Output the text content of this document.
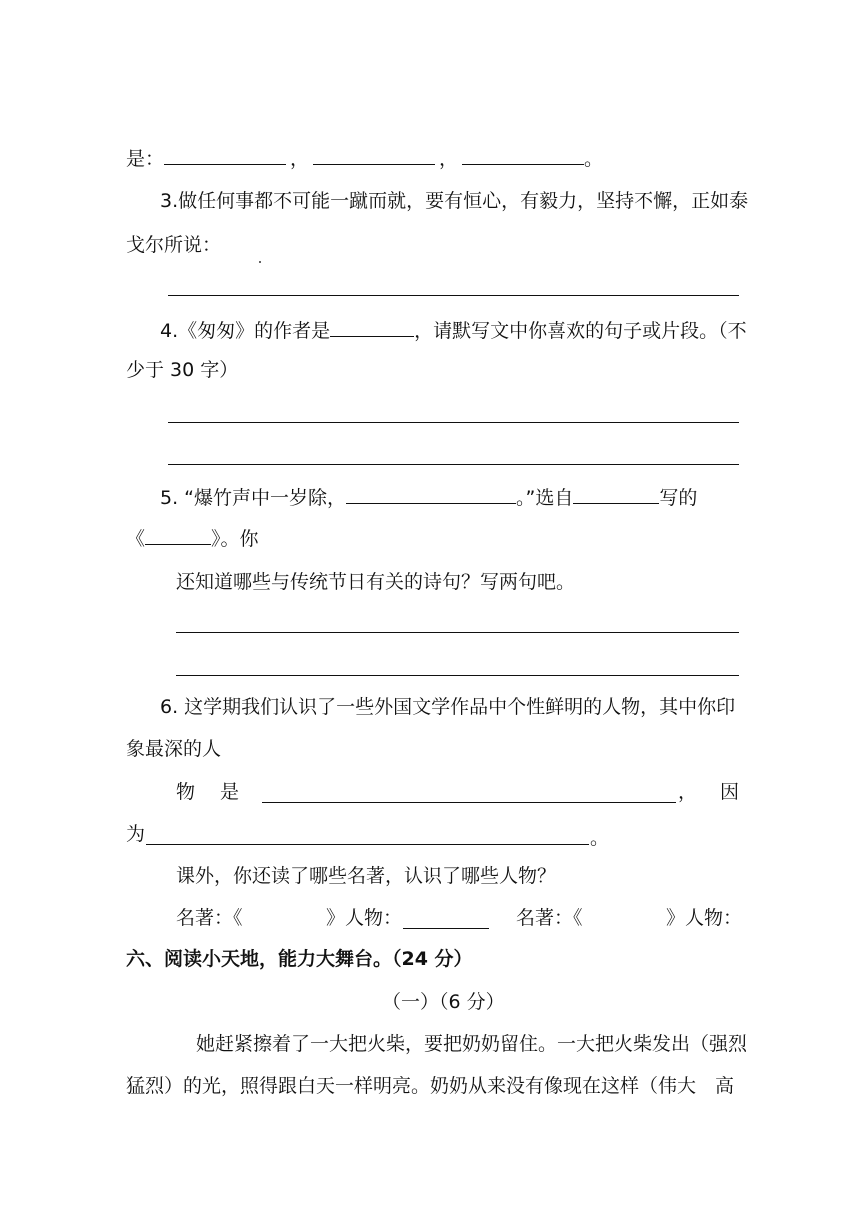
是：	，	，	。
3.做任何事都不可能一蹴而就，要有恒心，有毅力，坚持不懈，正如泰
戈尔所说：
4.《匆匆》的作者是	，请默写文中你喜欢的句子或片段。（不
少于 30 字）
5. “爆竹声中一岁除，	。”选自	写的
《	》。你
还知道哪些与传统节日有关的诗句？写两句吧。
6. 这学期我们认识了一些外国文学作品中个性鲜明的人物，其中你印
象最深的人
物 是	， 因
为	。
课外，你还读了哪些名著，认识了哪些人物？
名著：《	》人物：	名著：《	》人物：
六、阅读小天地，能力大舞台。（24 分）
（一）（6 分）
她赶紧擦着了一大把火柴，要把奶奶留住。一大把火柴发出（强烈
猛烈）的光，照得跟白天一样明亮。奶奶从来没有像现在这样（伟大　高
